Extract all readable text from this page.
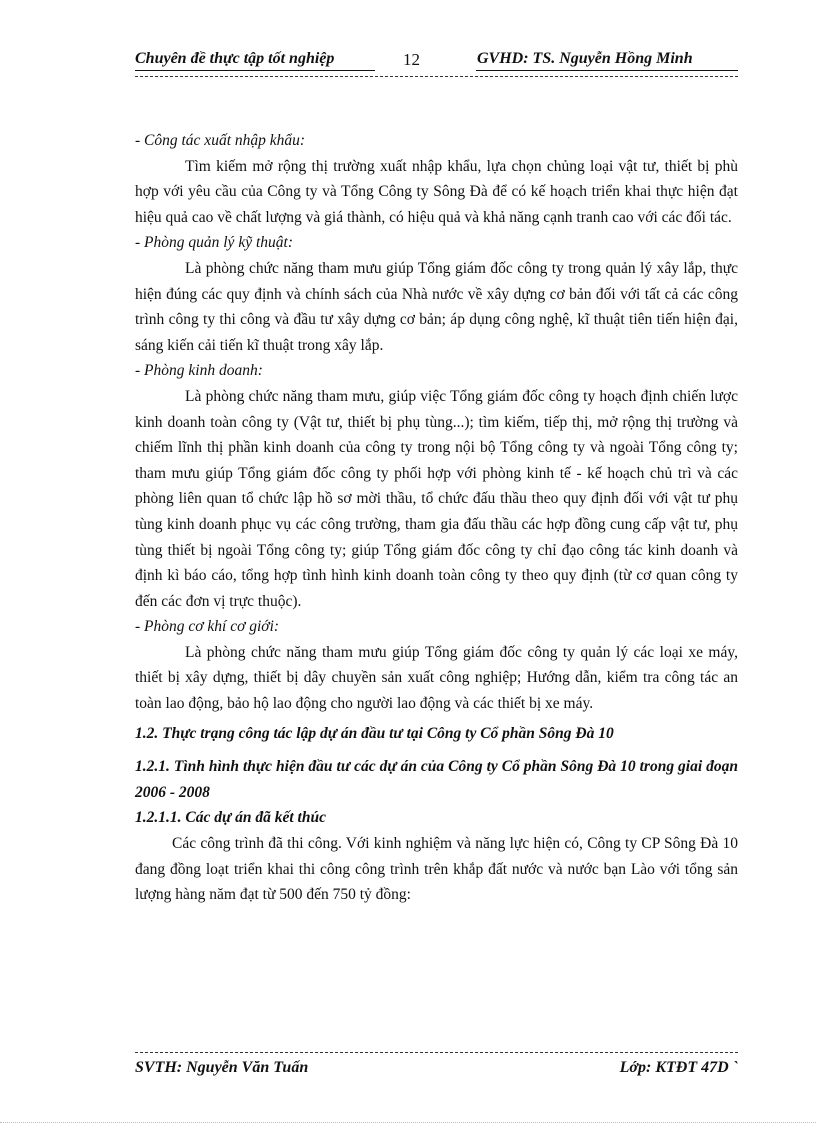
Chuyên đề thực tập tốt nghiệp	12	GVHD: TS. Nguyễn Hồng Minh

- Công tác xuất nhập khẩu:

Tìm kiếm mở rộng thị trường xuất nhập khẩu, lựa chọn chủng loại vật tư, thiết bị phù hợp với yêu cầu của Công ty và Tổng Công ty Sông Đà để có kế hoạch triển khai thực hiện đạt hiệu quả cao về chất lượng và giá thành, có hiệu quả và khả năng cạnh tranh cao với các đối tác.

- Phòng quản lý kỹ thuật:

Là phòng chức năng tham mưu giúp Tổng giám đốc công ty trong quản lý xây lắp, thực hiện đúng các quy định và chính sách của Nhà nước về xây dựng cơ bản đối với tất cả các công trình công ty thi công và đầu tư xây dựng cơ bản; áp dụng công nghệ, kĩ thuật tiên tiến hiện đại, sáng kiến cải tiến kĩ thuật trong xây lắp.

- Phòng kinh doanh:

Là phòng chức năng tham mưu, giúp việc Tổng giám đốc công ty hoạch định chiến lược kinh doanh toàn công ty (Vật tư, thiết bị phụ tùng...); tìm kiếm, tiếp thị, mở rộng thị trường và chiếm lĩnh thị phần kinh doanh của công ty trong nội bộ Tổng công ty và ngoài Tổng công ty; tham mưu giúp Tổng giám đốc công ty phối hợp với phòng kinh tế - kế hoạch chủ trì và các phòng liên quan tổ chức lập hồ sơ mời thầu, tổ chức đấu thầu theo quy định đối với vật tư phụ tùng kinh doanh phục vụ các công trường, tham gia đấu thầu các hợp đồng cung cấp vật tư, phụ tùng thiết bị ngoài Tổng công ty; giúp Tổng giám đốc công ty chỉ đạo công tác kinh doanh và định kì báo cáo, tổng hợp tình hình kinh doanh toàn công ty theo quy định (từ cơ quan công ty đến các đơn vị trực thuộc).

- Phòng cơ khí cơ giới:

Là phòng chức năng tham mưu giúp Tổng giám đốc công ty quản lý các loại xe máy, thiết bị xây dựng, thiết bị dây chuyền sản xuất công nghiệp; Hướng dẫn, kiểm tra công tác an toàn lao động, bảo hộ lao động cho người lao động và các thiết bị xe máy.

1.2. Thực trạng công tác lập dự án đầu tư tại Công ty Cổ phần Sông Đà 10

1.2.1. Tình hình thực hiện đầu tư các dự án của Công ty Cổ phần Sông Đà 10 trong giai đoạn 2006 - 2008

1.2.1.1. Các dự án đã kết thúc

Các công trình đã thi công. Với kinh nghiệm và năng lực hiện có, Công ty CP Sông Đà 10 đang đồng loạt triển khai thi công công trình trên khắp đất nước và nước bạn Lào với tổng sản lượng hàng năm đạt từ 500 đến 750 tỷ đồng:

SVTH: Nguyễn Văn Tuấn	Lớp: KTĐT 47D `
